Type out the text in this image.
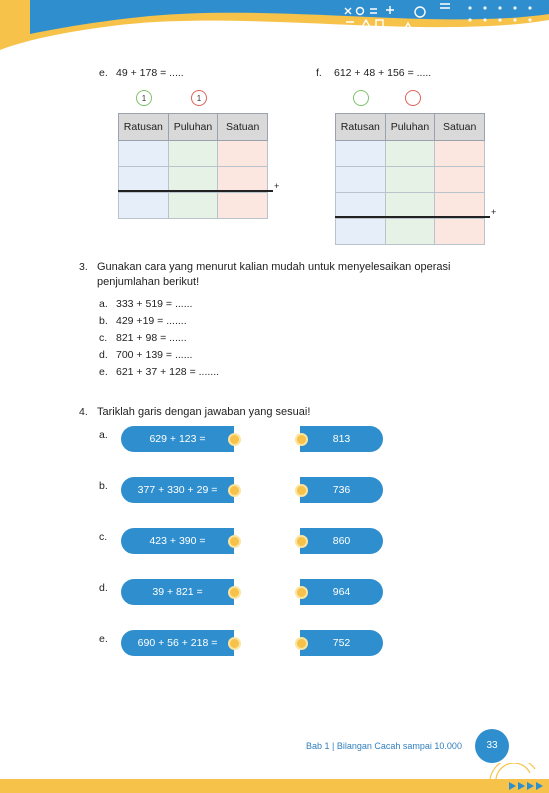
e. 49 + 178 = .....
1	1
Ratusan	Puluhan	Satuan

+
f. 612 + 48 + 156 = .....
Ratusan	Puluhan	Satuan

+
3. Gunakan cara yang menurut kalian mudah untuk menyelesaikan operasi
penjumlahan berikut!
a. 333 + 519 = ......
b. 429 +19 = .......
c. 821 + 98 = ......
d. 700 + 139 = ......
e. 621 + 37 + 128 = .......
4. Tariklah garis dengan jawaban yang sesuai!
a.	629 + 123 =	813
b.	377 + 330 + 29 =	736
c.	423 + 390 =	860
d.	39 + 821 =	964
e.	690 + 56 + 218 =	752
Bab 1 | Bilangan Cacah sampai 10.000	33
